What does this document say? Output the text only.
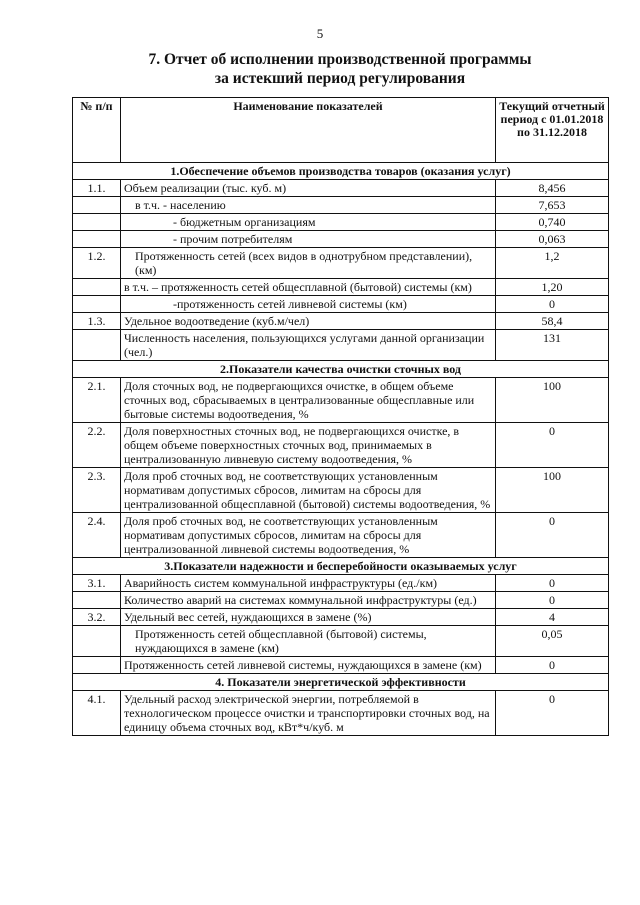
5
7. Отчет об исполнении производственной программы
за истекший период регулирования
№ п/п	Наименование показателей	Текущий отчетный период с 01.01.2018 по 31.12.2018
1.Обеспечение объемов производства товаров (оказания услуг)		
1.1.	Объем реализации (тыс. куб. м)	8,456
	в т.ч. - населению	7,653
	- бюджетным организациям	0,740
	- прочим потребителям	0,063
1.2.	Протяженность сетей (всех видов в однотрубном представлении), (км)	1,2
	в т.ч. – протяженность сетей общесплавной (бытовой) системы (км)	1,20
	-протяженность сетей ливневой системы (км)	0
1.3.	Удельное водоотведение (куб.м/чел)	58,4
	Численность населения, пользующихся услугами данной организации (чел.)	131
2.Показатели качества очистки сточных вод		
2.1.	Доля сточных вод, не подвергающихся очистке, в общем объеме сточных вод, сбрасываемых в централизованные общесплавные или бытовые системы водоотведения, %	100
2.2.	Доля поверхностных сточных вод, не подвергающихся очистке, в общем объеме поверхностных сточных вод, принимаемых в централизованную ливневую систему водоотведения, %	0
2.3.	Доля проб сточных вод, не соответствующих установленным нормативам допустимых сбросов, лимитам на сбросы для централизованной общесплавной (бытовой) системы водоотведения, %	100
2.4.	Доля проб сточных вод, не соответствующих установленным нормативам допустимых сбросов, лимитам на сбросы для централизованной ливневой системы водоотведения, %	0
3.Показатели надежности и бесперебойности оказываемых услуг		
3.1.	Аварийность систем коммунальной инфраструктуры (ед./км)	0
	Количество аварий на системах коммунальной инфраструктуры (ед.)	0
3.2.	Удельный вес сетей, нуждающихся в замене (%)	4
	Протяженность сетей общесплавной (бытовой) системы, нуждающихся в замене (км)	0,05
	Протяженность сетей ливневой системы, нуждающихся в замене (км)	0
4. Показатели энергетической эффективности		
4.1.	Удельный расход электрической энергии, потребляемой в технологическом процессе очистки и транспортировки сточных вод, на единицу объема сточных вод, кВт*ч/куб. м	0
